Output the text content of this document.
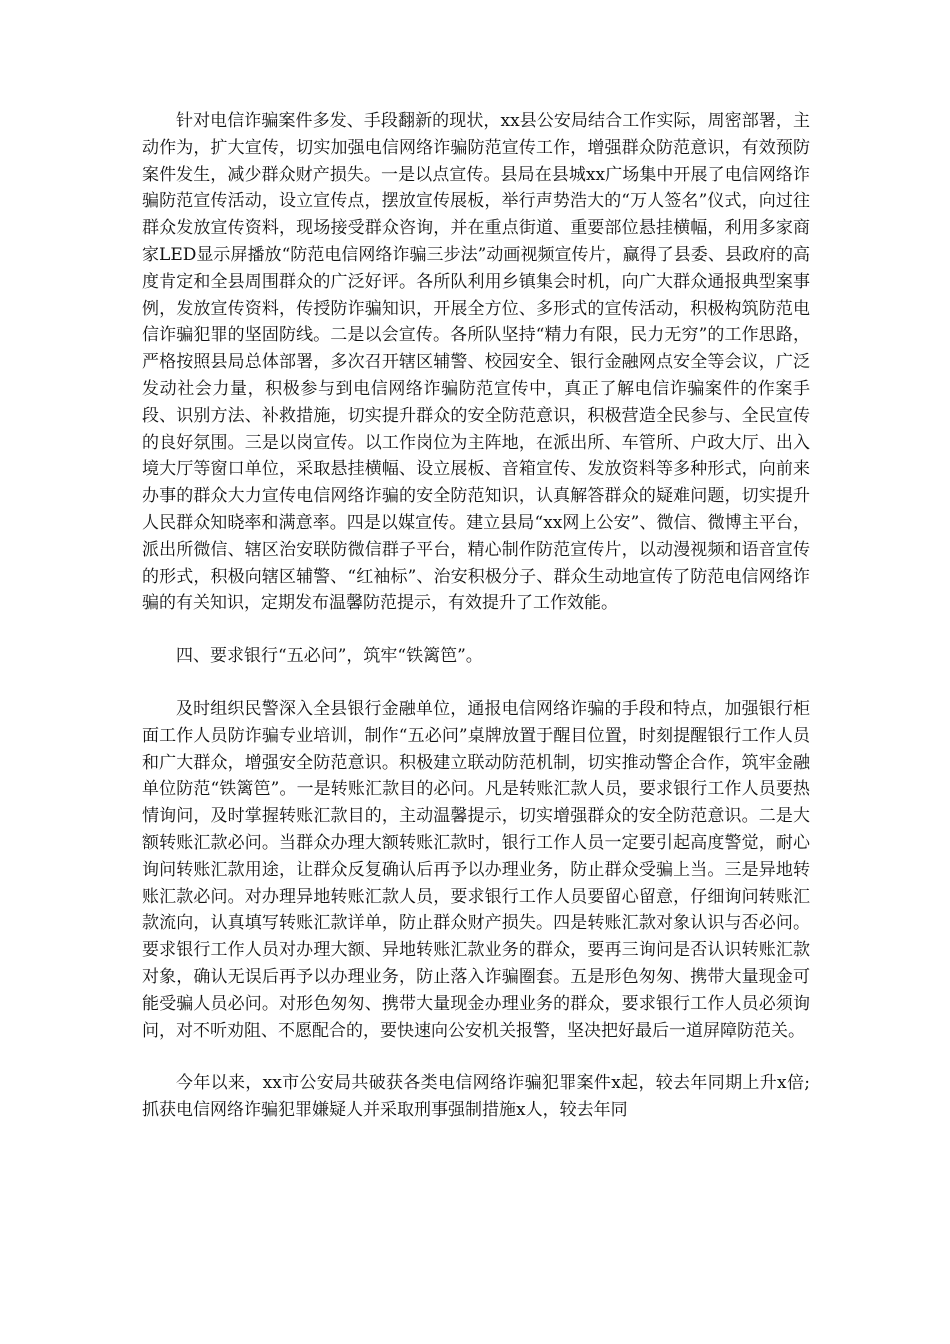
针对电信诈骗案件多发、手段翻新的现状，xx县公安局结合工作实际，周密部署，主动作为，扩大宣传，切实加强电信网络诈骗防范宣传工作，增强群众防范意识，有效预防案件发生，减少群众财产损失。一是以点宣传。县局在县城xx广场集中开展了电信网络诈骗防范宣传活动，设立宣传点，摆放宣传展板，举行声势浩大的“万人签名”仪式，向过往群众发放宣传资料，现场接受群众咨询，并在重点街道、重要部位悬挂横幅，利用多家商家LED显示屏播放“防范电信网络诈骗三步法”动画视频宣传片，赢得了县委、县政府的高度肯定和全县周围群众的广泛好评。各所队利用乡镇集会时机，向广大群众通报典型案事例，发放宣传资料，传授防诈骗知识，开展全方位、多形式的宣传活动，积极构筑防范电信诈骗犯罪的坚固防线。二是以会宣传。各所队坚持“精力有限，民力无穷”的工作思路，严格按照县局总体部署，多次召开辖区辅警、校园安全、银行金融网点安全等会议，广泛发动社会力量，积极参与到电信网络诈骗防范宣传中，真正了解电信诈骗案件的作案手段、识别方法、补救措施，切实提升群众的安全防范意识，积极营造全民参与、全民宣传的良好氛围。三是以岗宣传。以工作岗位为主阵地，在派出所、车管所、户政大厅、出入境大厅等窗口单位，采取悬挂横幅、设立展板、音箱宣传、发放资料等多种形式，向前来办事的群众大力宣传电信网络诈骗的安全防范知识，认真解答群众的疑难问题，切实提升人民群众知晓率和满意率。四是以媒宣传。建立县局“xx网上公安”、微信、微博主平台，派出所微信、辖区治安联防微信群子平台，精心制作防范宣传片，以动漫视频和语音宣传的形式，积极向辖区辅警、“红袖标”、治安积极分子、群众生动地宣传了防范电信网络诈骗的有关知识，定期发布温馨防范提示，有效提升了工作效能。

四、要求银行“五必问”，筑牢“铁篱笆”。

及时组织民警深入全县银行金融单位，通报电信网络诈骗的手段和特点，加强银行柜面工作人员防诈骗专业培训，制作“五必问”桌牌放置于醒目位置，时刻提醒银行工作人员和广大群众，增强安全防范意识。积极建立联动防范机制，切实推动警企合作，筑牢金融单位防范“铁篱笆”。一是转账汇款目的必问。凡是转账汇款人员，要求银行工作人员要热情询问，及时掌握转账汇款目的，主动温馨提示，切实增强群众的安全防范意识。二是大额转账汇款必问。当群众办理大额转账汇款时，银行工作人员一定要引起高度警觉，耐心询问转账汇款用途，让群众反复确认后再予以办理业务，防止群众受骗上当。三是异地转账汇款必问。对办理异地转账汇款人员，要求银行工作人员要留心留意，仔细询问转账汇款流向，认真填写转账汇款详单，防止群众财产损失。四是转账汇款对象认识与否必问。要求银行工作人员对办理大额、异地转账汇款业务的群众，要再三询问是否认识转账汇款对象，确认无误后再予以办理业务，防止落入诈骗圈套。五是形色匆匆、携带大量现金可能受骗人员必问。对形色匆匆、携带大量现金办理业务的群众，要求银行工作人员必须询问，对不听劝阻、不愿配合的，要快速向公安机关报警，坚决把好最后一道屏障防范关。

今年以来，xx市公安局共破获各类电信网络诈骗犯罪案件x起，较去年同期上升x倍;抓获电信网络诈骗犯罪嫌疑人并采取刑事强制措施x人，较去年同
